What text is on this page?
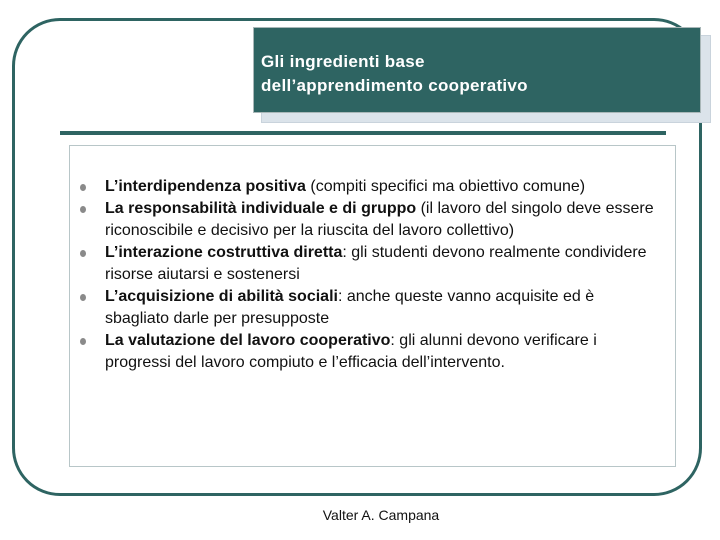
Gli ingredienti base
dell’apprendimento cooperativo
L’interdipendenza positiva (compiti specifici ma obiettivo comune)
La responsabilità individuale e di gruppo (il lavoro del singolo deve essere riconoscibile e decisivo per la riuscita del lavoro collettivo)
L’interazione costruttiva diretta: gli studenti devono realmente condividere risorse aiutarsi e sostenersi
L’acquisizione di abilità sociali: anche queste vanno acquisite ed è sbagliato darle per presupposte
La valutazione del lavoro cooperativo: gli alunni devono verificare i progressi del lavoro compiuto e l’efficacia dell’intervento.
Valter A. Campana
